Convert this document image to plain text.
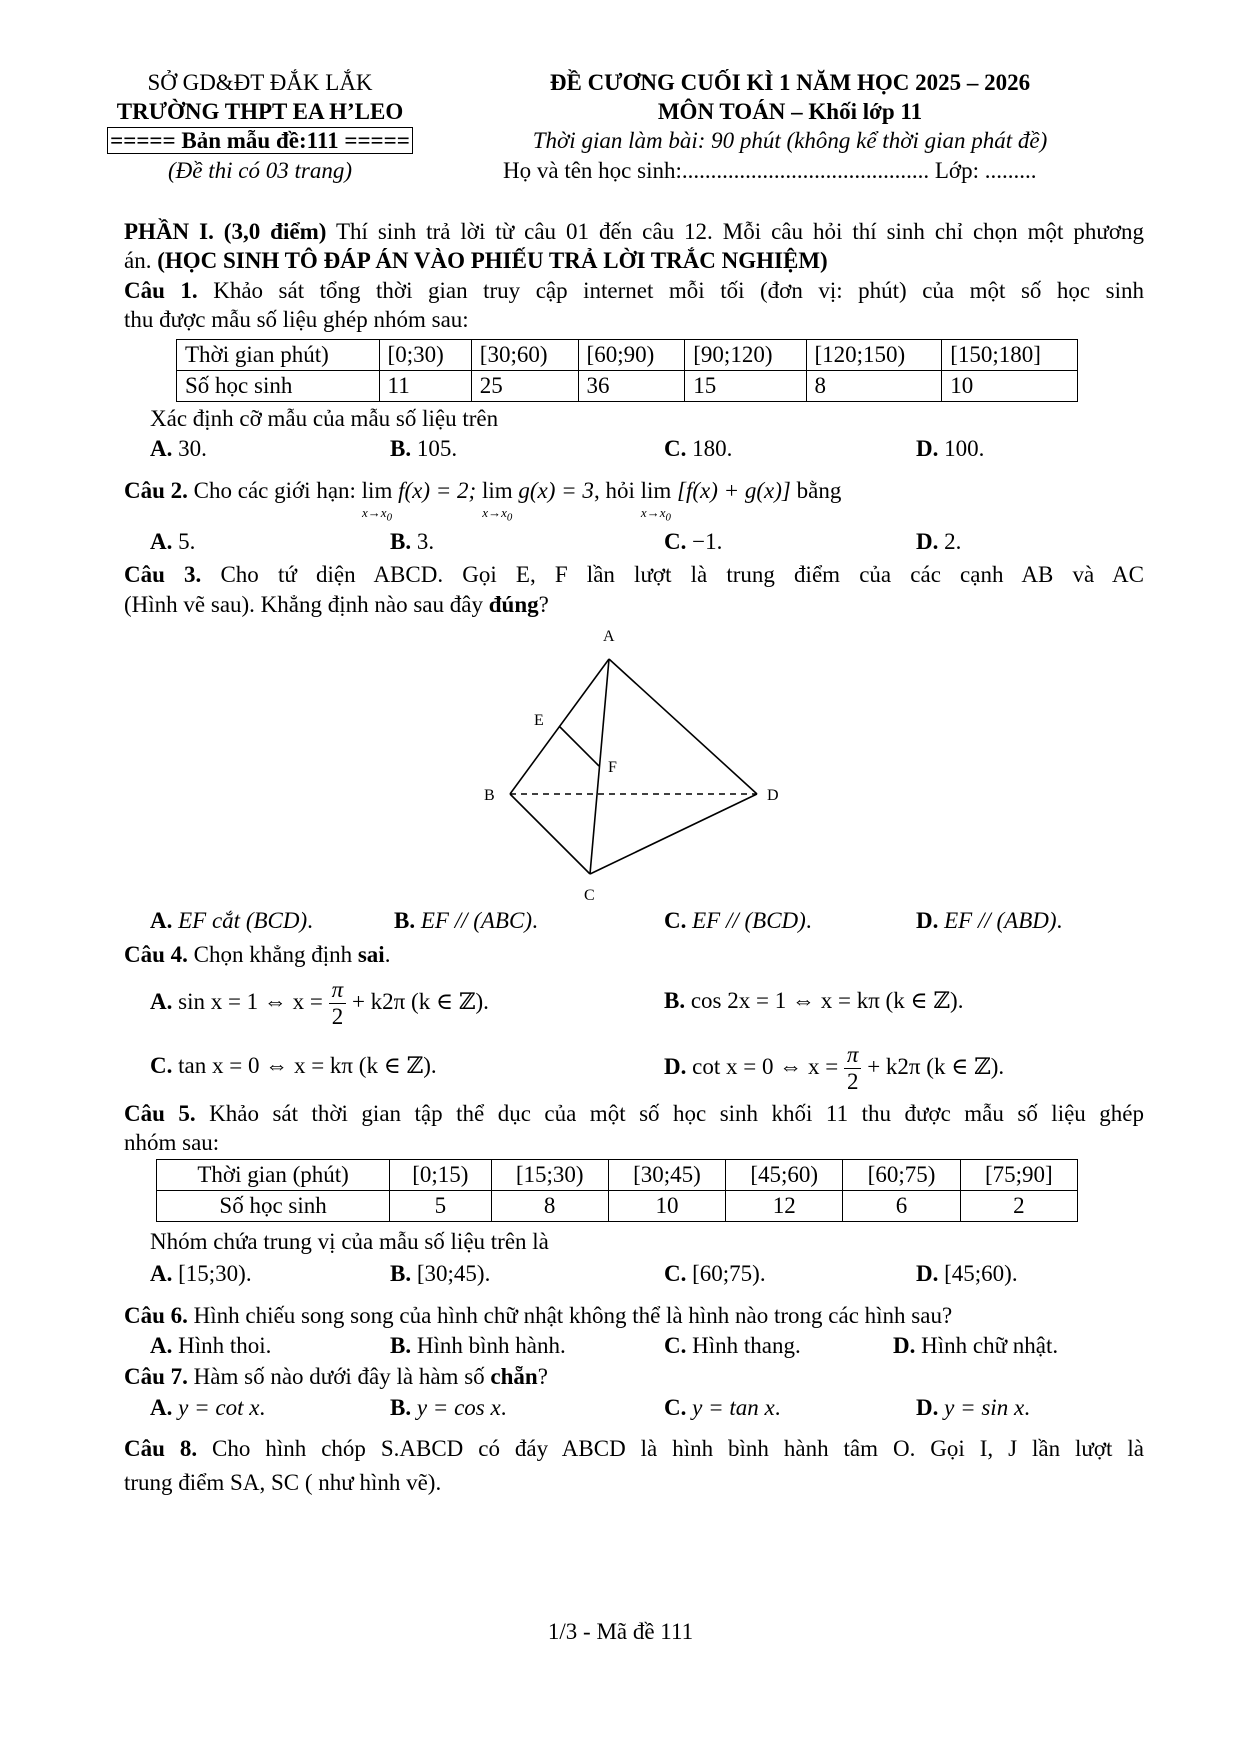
SỞ GD&ĐT ĐẮK LẮK
TRƯỜNG THPT EA H’LEO
===== Bản mẫu đề:111 =====
(Đề thi có 03 trang)
ĐỀ CƯƠNG CUỐI KÌ 1 NĂM HỌC 2025 – 2026
MÔN TOÁN – Khối lớp 11
Thời gian làm bài: 90 phút (không kể thời gian phát đề)
Họ và tên học sinh:........................................... Lớp: .........
PHẦN I. (3,0 điểm) Thí sinh trả lời từ câu 01 đến câu 12. Mỗi câu hỏi thí sinh chỉ chọn một phương
án. (HỌC SINH TÔ ĐÁP ÁN VÀO PHIẾU TRẢ LỜI TRẮC NGHIỆM)
Câu 1. Khảo sát tổng thời gian truy cập internet mỗi tối (đơn vị: phút) của một số học sinh
thu được mẫu số liệu ghép nhóm sau:
Thời gian phút)	[0;30)	[30;60)	[60;90)	[90;120)	[120;150)	[150;180]
Số học sinh	11	25	36	15	8	10
Xác định cỡ mẫu của mẫu số liệu trên
A. 30.	B. 105.	C. 180.	D. 100.
Câu 2. Cho các giới hạn: lim
$x\to x_0$
f(x) = 2; lim
$x\to x_0$
g(x) = 3, hỏi lim
$x\to x_0$
[f(x) + g(x)] bằng
A. 5.	B. 3.	C. −1.	D. 2.
Câu 3. Cho tứ diện ABCD. Gọi E, F lần lượt là trung điểm của các cạnh AB và AC
(Hình vẽ sau). Khẳng định nào sau đây đúng?
A
B
C
D
E
F
A. EF cắt (BCD).	B. EF // (ABC).	C. EF // (BCD).	D. EF // (ABD).
Câu 4. Chọn khẳng định sai.
A. sin x = 1 ⇔ $x = \frac{\pi}{2} + k2\pi$ (k ∈ ℤ).	B. cos 2x = 1 ⇔ x = kπ (k ∈ ℤ).
C. tan x = 0 ⇔ x = kπ (k ∈ ℤ).	D. cot x = 0 ⇔ $x = \frac{\pi}{2} + k2\pi$ (k ∈ ℤ).
Câu 5. Khảo sát thời gian tập thể dục của một số học sinh khối 11 thu được mẫu số liệu ghép
nhóm sau:
Thời gian (phút)	[0;15)	[15;30)	[30;45)	[45;60)	[60;75)	[75;90]
Số học sinh	5	8	10	12	6	2
Nhóm chứa trung vị của mẫu số liệu trên là
A. [15;30).	B. [30;45).	C. [60;75).	D. [45;60).
Câu 6. Hình chiếu song song của hình chữ nhật không thể là hình nào trong các hình sau?
A. Hình thoi.	B. Hình bình hành.	C. Hình thang.	D. Hình chữ nhật.
Câu 7. Hàm số nào dưới đây là hàm số chẵn?
A. y = cot x.	B. y = cos x.	C. y = tan x.	D. y = sin x.
Câu 8. Cho hình chóp S.ABCD có đáy ABCD là hình bình hành tâm O. Gọi I, J lần lượt là
trung điểm SA, SC ( như hình vẽ).
1/3 - Mã đề 111
